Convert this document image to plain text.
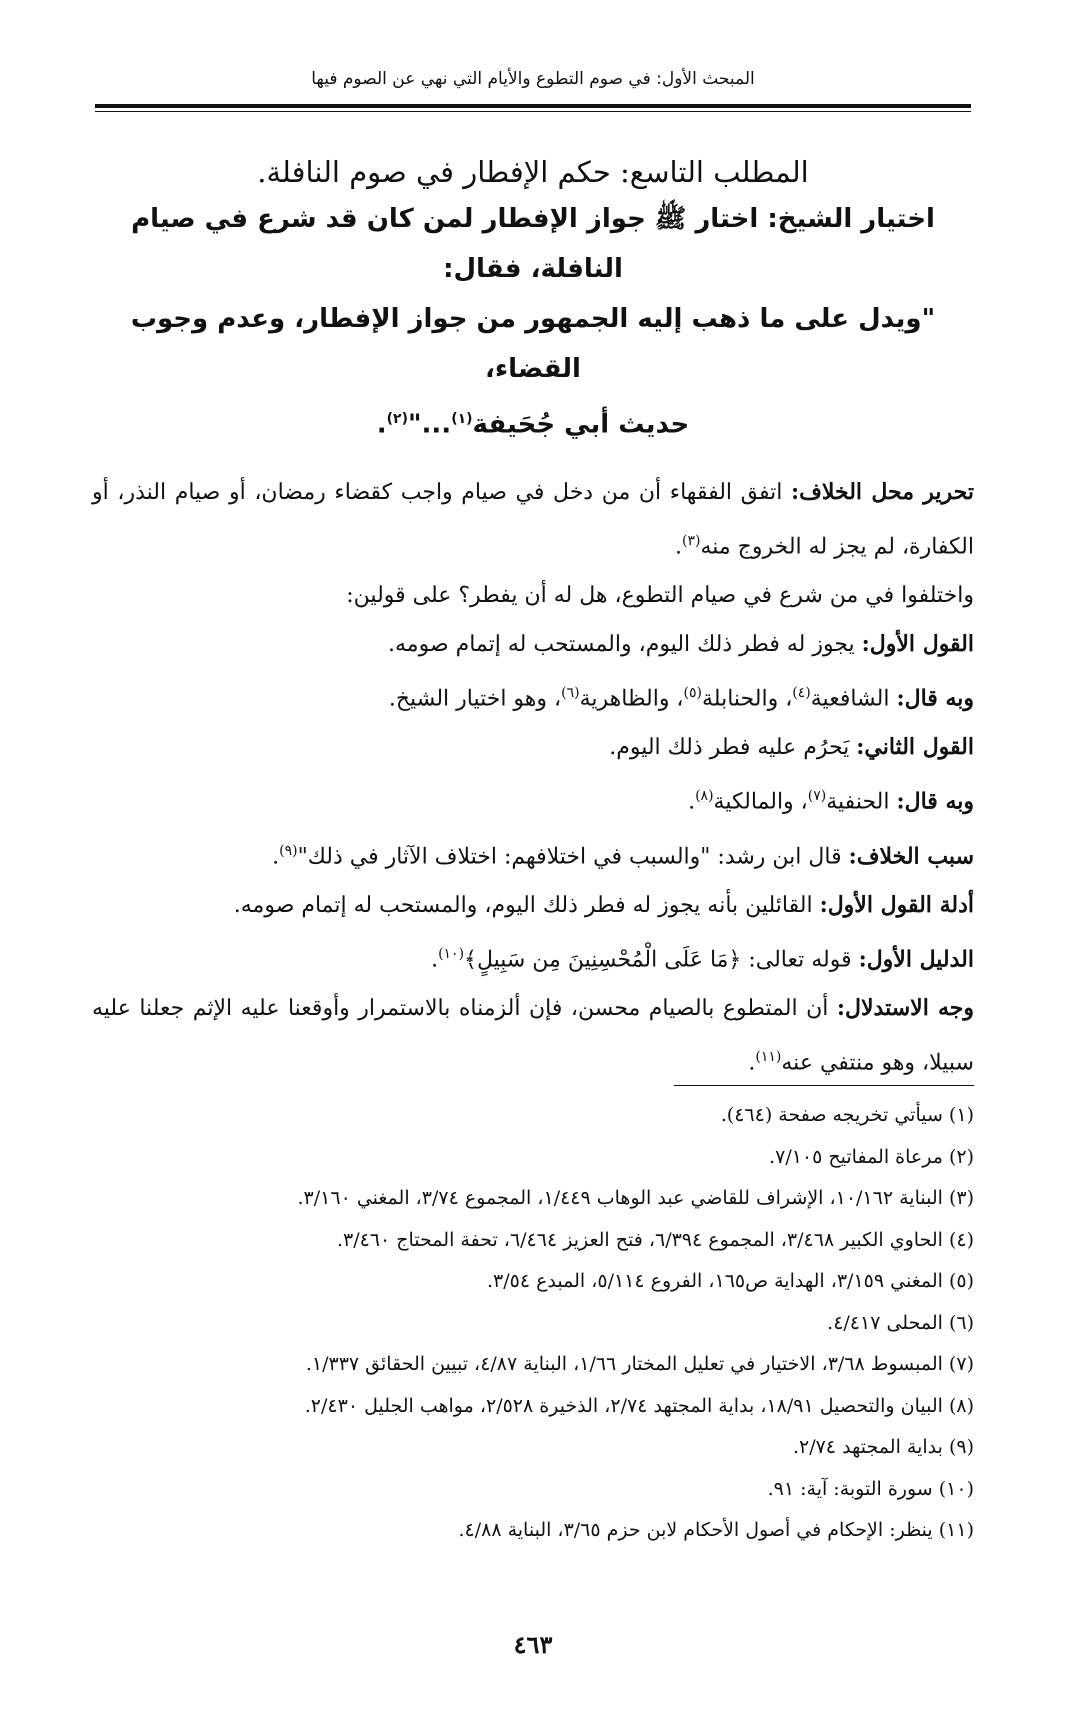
المبحث الأول: في صوم التطوع والأيام التي نهي عن الصوم فيها
المطلب التاسع: حكم الإفطار في صوم النافلة.
اختيار الشيخ: اختار ﷺ جواز الإفطار لمن كان قد شرع في صيام النافلة، فقال:
"ويدل على ما ذهب إليه الجمهور من جواز الإفطار، وعدم وجوب القضاء،
حديث أبي جُحَيفة$^{(١)}$..."$^{(٢)}$.

تحرير محل الخلاف: اتفق الفقهاء أن من دخل في صيام واجب كقضاء رمضان، أو صيام النذر، أو الكفارة، لم يجز له الخروج منه$^{(٣)}$.

واختلفوا في من شرع في صيام التطوع، هل له أن يفطر؟ على قولين:

القول الأول: يجوز له فطر ذلك اليوم، والمستحب له إتمام صومه.

وبه قال: الشافعية$^{(٤)}$، والحنابلة$^{(٥)}$، والظاهرية$^{(٦)}$، وهو اختيار الشيخ.

القول الثاني: يَحرُم عليه فطر ذلك اليوم.

وبه قال: الحنفية$^{(٧)}$، والمالكية$^{(٨)}$.

سبب الخلاف: قال ابن رشد: "والسبب في اختلافهم: اختلاف الآثار في ذلك"$^{(٩)}$.

أدلة القول الأول: القائلين بأنه يجوز له فطر ذلك اليوم، والمستحب له إتمام صومه.

الدليل الأول: قوله تعالى: ﴿مَا عَلَى الْمُحْسِنِينَ مِن سَبِيلٍ﴾$^{(١٠)}$.

وجه الاستدلال: أن المتطوع بالصيام محسن، فإن ألزمناه بالاستمرار وأوقعنا عليه الإثم جعلنا عليه سبيلا، وهو منتفي عنه$^{(١١)}$.

(١) سيأتي تخريجه صفحة (٤٦٤).

(٢) مرعاة المفاتيح ٧/١٠٥.

(٣) البناية ١٠/١٦٢، الإشراف للقاضي عبد الوهاب ١/٤٤٩، المجموع ٣/٧٤، المغني ٣/١٦٠.

(٤) الحاوي الكبير ٣/٤٦٨، المجموع ٦/٣٩٤، فتح العزيز ٦/٤٦٤، تحفة المحتاج ٣/٤٦٠.

(٥) المغني ٣/١٥٩، الهداية ص١٦٥، الفروع ٥/١١٤، المبدع ٣/٥٤.

(٦) المحلى ٤/٤١٧.

(٧) المبسوط ٣/٦٨، الاختيار في تعليل المختار ١/٦٦، البناية ٤/٨٧، تبيين الحقائق ١/٣٣٧.

(٨) البيان والتحصيل ١٨/٩١، بداية المجتهد ٢/٧٤، الذخيرة ٢/٥٢٨، مواهب الجليل ٢/٤٣٠.

(٩) بداية المجتهد ٢/٧٤.

(١٠) سورة التوبة: آية: ٩١.

(١١) ينظر: الإحكام في أصول الأحكام لابن حزم ٣/٦٥، البناية ٤/٨٨.

٤٦٣
